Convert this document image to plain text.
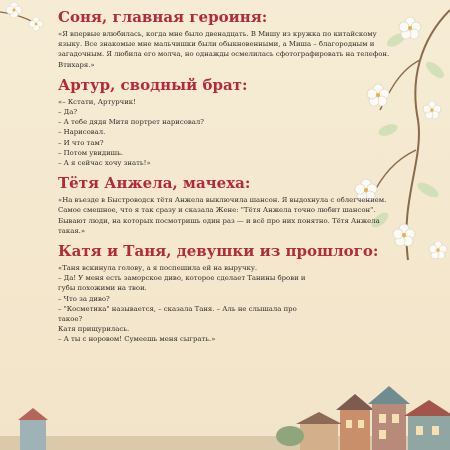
Соня, главная героиня:

«Я впервые влюбилась, когда мне было двенадцать. В Мишу из кружка по китайскому языку. Все знакомые мне мальчишки были обыкновенными, а Миша – благородным и загадочным. Я любила его молча, но однажды осмелилась сфотографировать на телефон. Втихаря.»

Артур, сводный брат:
«– Кстати, Артурчик!
– Да?
– А тебе дядя Митя портрет нарисовал?
– Нарисовал.
– И что там?
– Потом увидишь.
– А я сейчас хочу знать!»
Тётя Анжела, мачеха:

«На въезде в Быстроводск тётя Анжела выключила шансон. Я выдохнула с облегчением. Самое смешное, что я так сразу и сказала Жене: "Тётя Анжела точно любит шансон". Бывают люди, на которых посмотришь один раз — и всё про них понятно. Тётя Анжела такая.»

Катя и Таня, девушки из прошлого:
«Таня вскинула голову, а я поспешила ей на выручку.
– Да! У меня есть заморское диво, которое сделает Танины брови и
губы похожими на твои.
– Что за диво?
– "Косметика" называется, – сказала Таня. – Аль не слышала про
такое?
Катя прищурилась.
– А ты с норовом! Сумеешь меня сыграть.»
